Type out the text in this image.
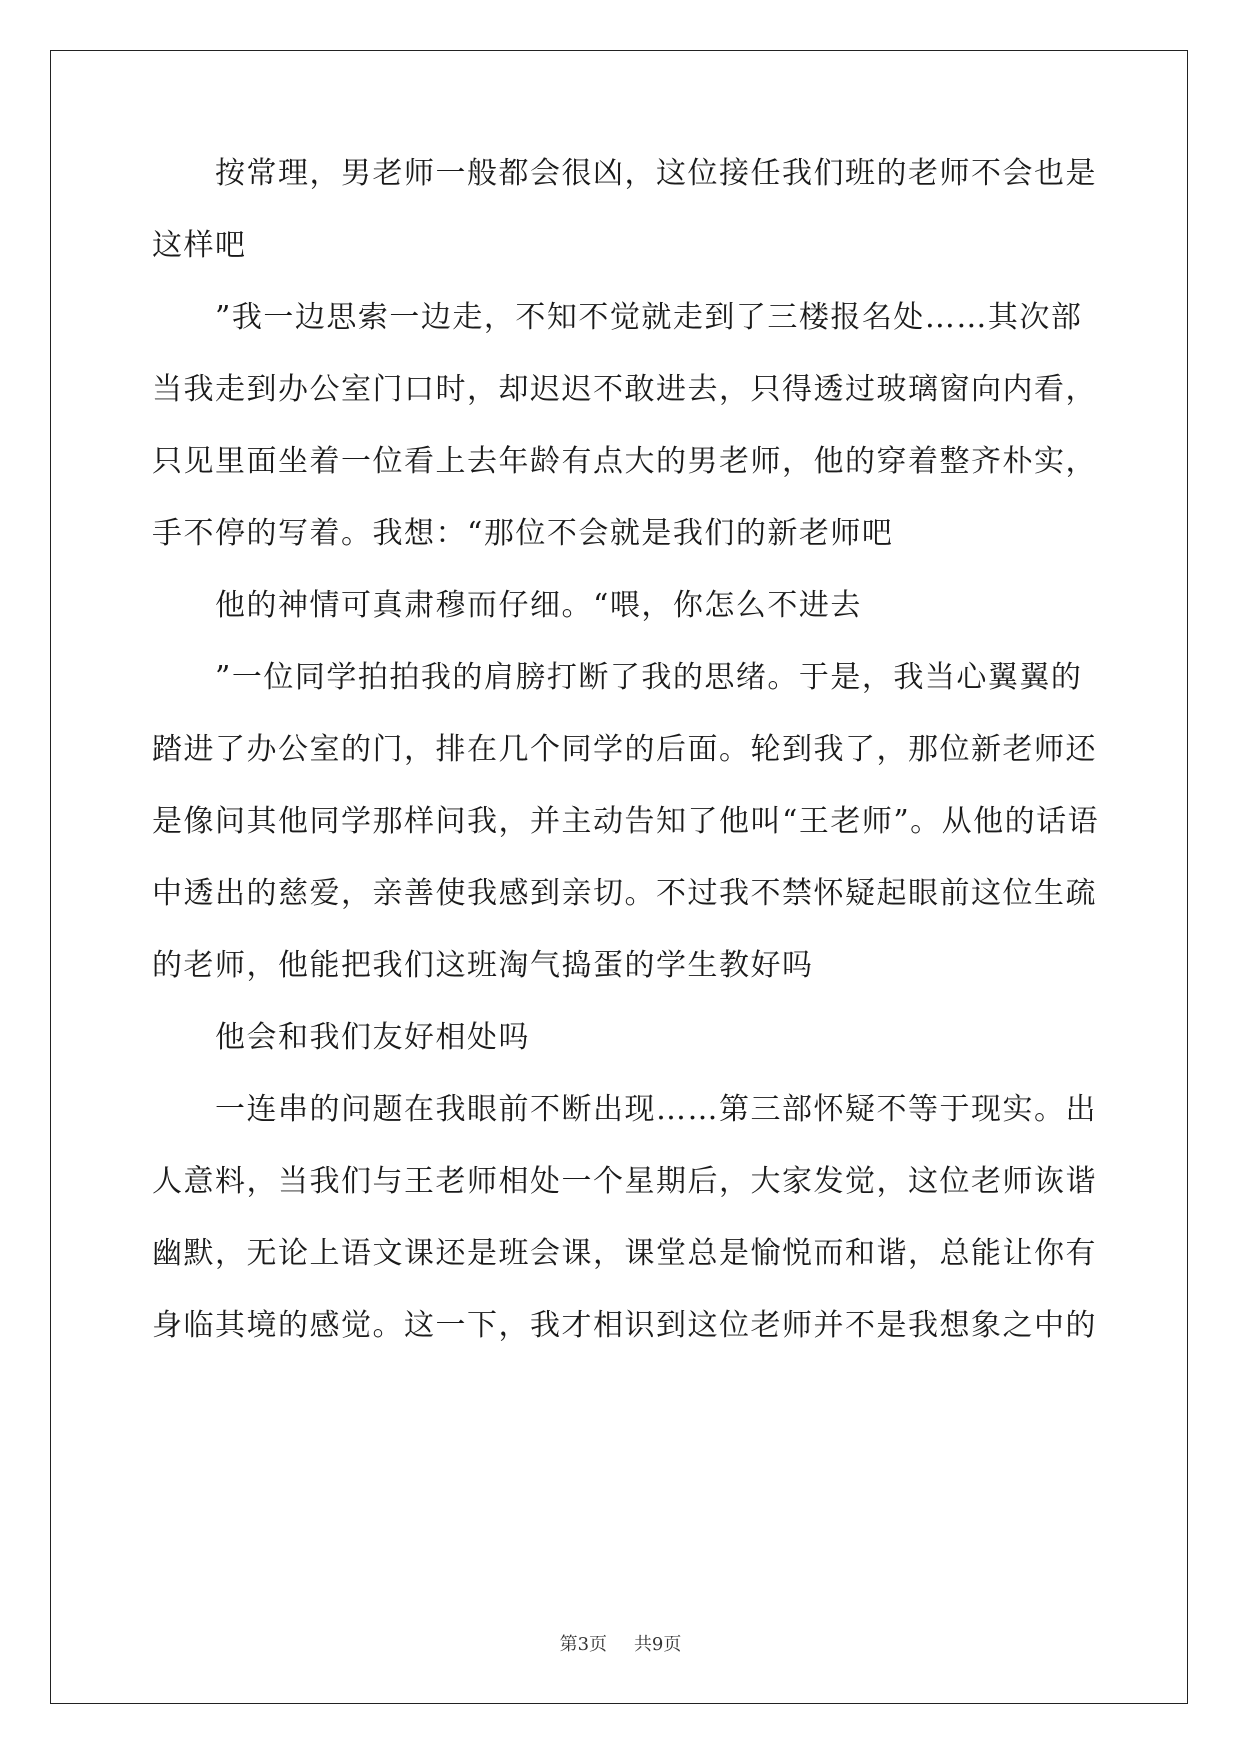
按常理，男老师一般都会很凶，这位接任我们班的老师不会也是
这样吧
”我一边思索一边走，不知不觉就走到了三楼报名处……其次部
当我走到办公室门口时，却迟迟不敢进去，只得透过玻璃窗向内看，
只见里面坐着一位看上去年龄有点大的男老师，他的穿着整齐朴实，
手不停的写着。我想：“那位不会就是我们的新老师吧
他的神情可真肃穆而仔细。“喂，你怎么不进去
”一位同学拍拍我的肩膀打断了我的思绪。于是，我当心翼翼的
踏进了办公室的门，排在几个同学的后面。轮到我了，那位新老师还
是像问其他同学那样问我，并主动告知了他叫“王老师”。从他的话语
中透出的慈爱，亲善使我感到亲切。不过我不禁怀疑起眼前这位生疏
的老师，他能把我们这班淘气捣蛋的学生教好吗
他会和我们友好相处吗
一连串的问题在我眼前不断出现……第三部怀疑不等于现实。出
人意料，当我们与王老师相处一个星期后，大家发觉，这位老师诙谐
幽默，无论上语文课还是班会课，课堂总是愉悦而和谐，总能让你有
身临其境的感觉。这一下，我才相识到这位老师并不是我想象之中的
第3页 共9页
